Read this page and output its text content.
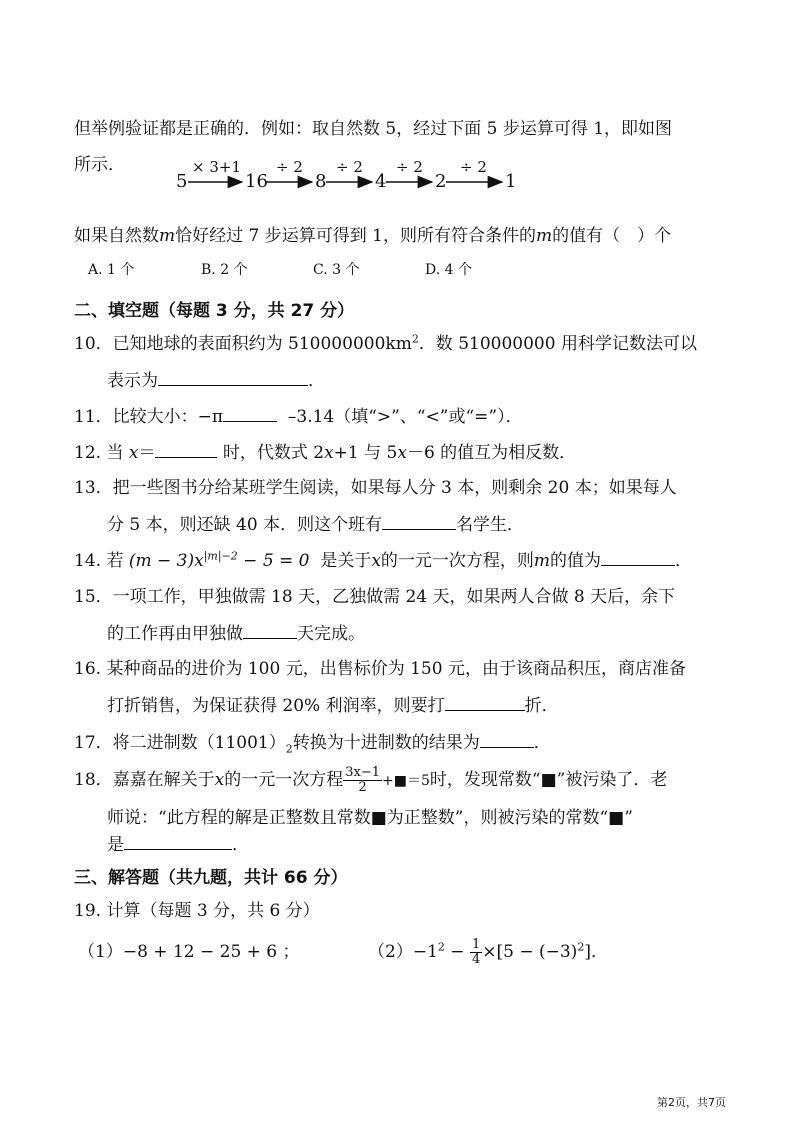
但举例验证都是正确的．例如：取自然数 5，经过下面 5 步运算可得 1，即如图
所示．
5
× 3+1
16
÷ 2
8
÷ 2
4
÷ 2
2
÷ 2
1
如果自然数m恰好经过 7 步运算可得到 1，则所有符合条件的m的值有（　）个
A. 1 个	B. 2 个	C. 3 个	D. 4 个
二、填空题（每题 3 分，共 27 分）
10．已知地球的表面积约为 $510000000km^2$．数 510000000 用科学记数法可以
表示为	．
11．比较大小：−π	–3.14（填“>”、“<”或“=”）．
12. 当 x＝	时，代数式 2x+1 与 5x－6 的值互为相反数．
13．把一些图书分给某班学生阅读，如果每人分 3 本，则剩余 20 本；如果每人
分 5 本，则还缺 40 本．则这个班有	名学生．
14. 若 $(m - 3)x^{|m|-2} - 5 = 0$ 是关于x的一元一次方程，则m的值为	．
15．一项工作，甲独做需 18 天，乙独做需 24 天，如果两人合做 8 天后，余下
的工作再由甲独做	天完成。
16. 某种商品的进价为 100 元，出售标价为 150 元，由于该商品积压，商店准备
打折销售，为保证获得 20% 利润率，则要打	折．
17．将二进制数$(11001)_2$转换为十进制数的结果为	．
18．嘉嘉在解关于x的一元一次方程 $\frac{3x-1}{2}$ +■＝5时，发现常数“■”被污染了．老
师说：“此方程的解是正整数且常数■为正整数”，则被污染的常数“■”
是	．
三、解答题（共九题，共计 66 分）
19. 计算（每题 3 分，共 6 分）
（1）−8 + 12 − 25 + 6 ；	$(2)-1^2 - \frac{1}{4} \times[5 - (-3)^2]$．
第2页，共7页
